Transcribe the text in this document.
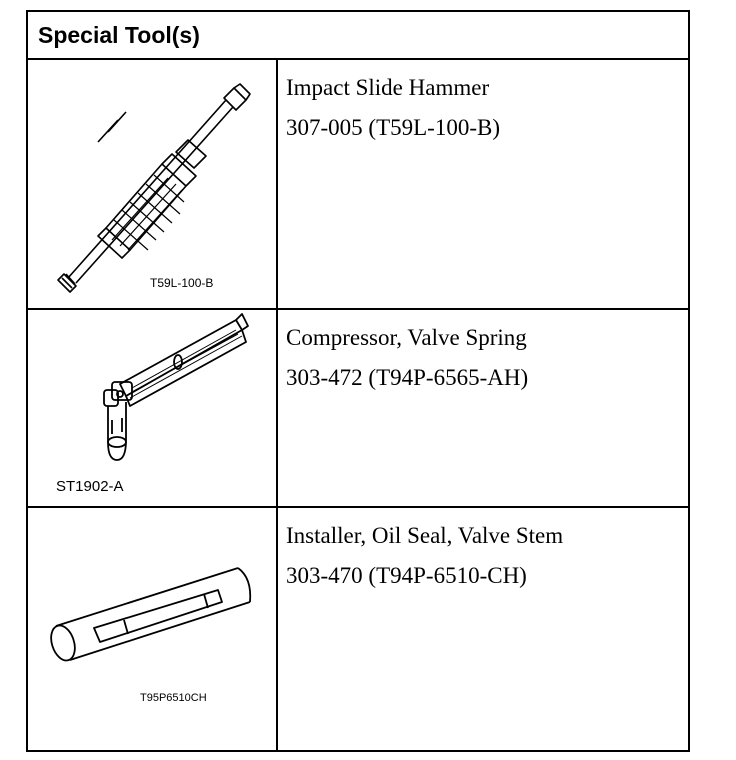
Special Tool(s)
T59L-100-B
Impact Slide Hammer
307-005 (T59L-100-B)
ST1902-A
Compressor, Valve Spring
303-472 (T94P-6565-AH)
T95P6510CH
Installer, Oil Seal, Valve Stem
303-470 (T94P-6510-CH)
